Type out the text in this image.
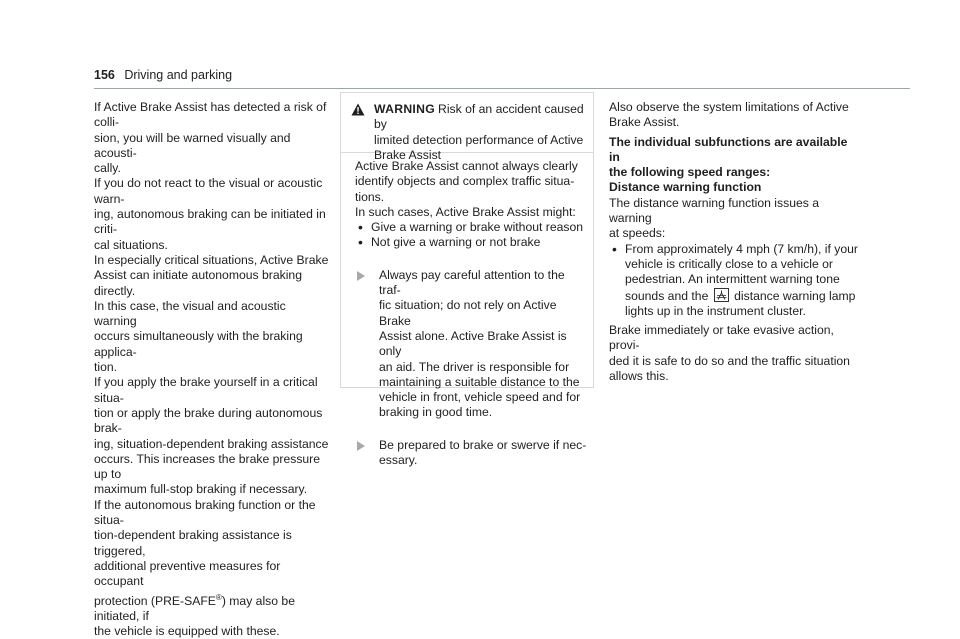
156 Driving and parking

If Active Brake Assist has detected a risk of colli-
sion, you will be warned visually and acousti-
cally.

If you do not react to the visual or acoustic warn-
ing, autonomous braking can be initiated in criti-
cal situations.

In especially critical situations, Active Brake
Assist can initiate autonomous braking directly.
In this case, the visual and acoustic warning
occurs simultaneously with the braking applica-
tion.

If you apply the brake yourself in a critical situa-
tion or apply the brake during autonomous brak-
ing, situation-dependent braking assistance
occurs. This increases the brake pressure up to
maximum full-stop braking if necessary.

If the autonomous braking function or the situa-
tion-dependent braking assistance is triggered,
additional preventive measures for occupant
protection (PRE-SAFE®) may also be initiated, if
the vehicle is equipped with these.

WARNING Risk of an accident caused by
limited detection performance of Active
Brake Assist

Active Brake Assist cannot always clearly
identify objects and complex traffic situa-
tions.

In such cases, Active Brake Assist might:

• Give a warning or brake without reason
• Not give a warning or not brake
Always pay careful attention to the traf-
fic situation; do not rely on Active Brake
Assist alone. Active Brake Assist is only
an aid. The driver is responsible for
maintaining a suitable distance to the
vehicle in front, vehicle speed and for
braking in good time.
Be prepared to brake or swerve if nec-
essary.

Also observe the system limitations of Active
Brake Assist.

The individual subfunctions are available in
the following speed ranges:

Distance warning function

The distance warning function issues a warning
at speeds:

• From approximately 4 mph (7 km/h), if your
vehicle is critically close to a vehicle or
pedestrian. An intermittent warning tone
sounds and the
distance warning lamp
lights up in the instrument cluster.

Brake immediately or take evasive action, provi-
ded it is safe to do so and the traffic situation
allows this.
